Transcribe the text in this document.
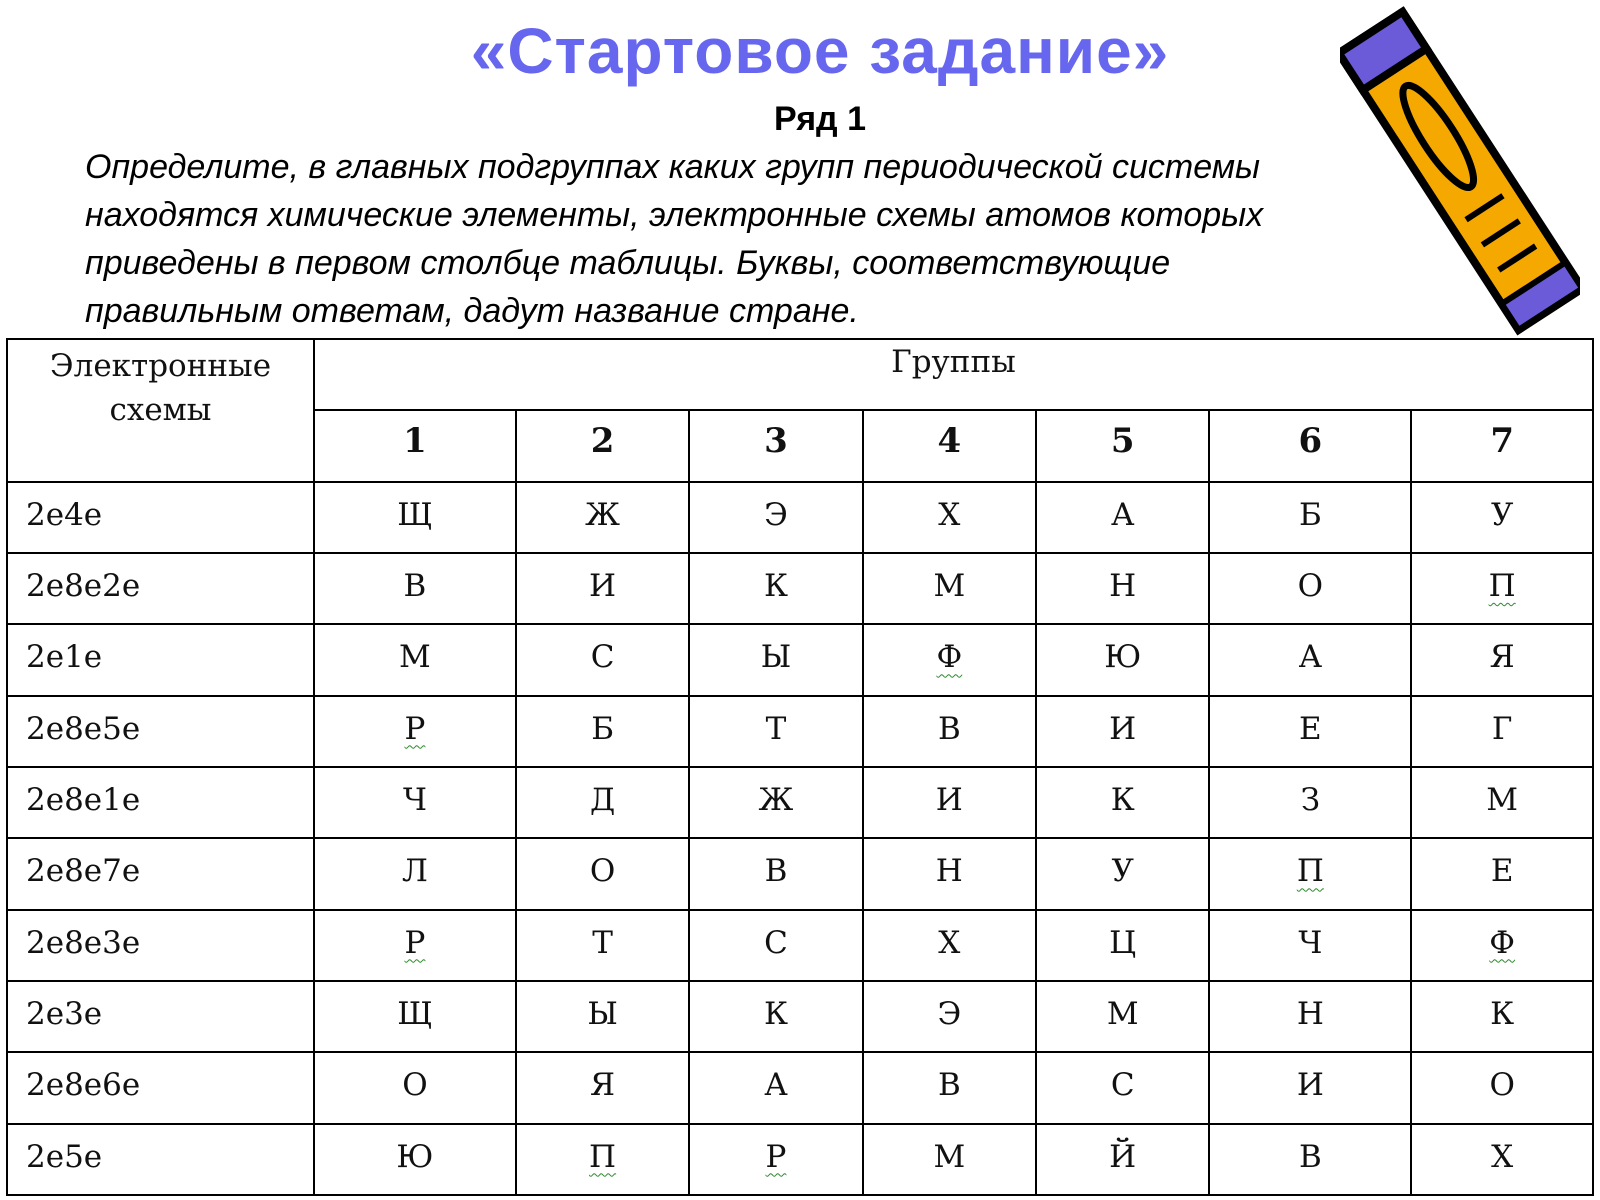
«Стартовое задание»
Ряд 1

Определите, в главных подгруппах каких групп периодической системы
находятся химические элементы, электронные схемы атомов которых
приведены в первом столбце таблицы. Буквы, соответствующие
правильным ответам, дадут название стране.

Электронные
схемы	Группы						
	1	2	3	4	5	6	7
2е4е	Щ	Ж	Э	Х	А	Б	У
2е8е2е	В	И	К	М	Н	О	П
2е1е	М	С	Ы	Ф	Ю	А	Я
2е8е5е	Р	Б	Т	В	И	Е	Г
2е8е1е	Ч	Д	Ж	И	К	З	М
2е8е7е	Л	О	В	Н	У	П	Е
2е8е3е	Р	Т	С	Х	Ц	Ч	Ф
2е3е	Щ	Ы	К	Э	М	Н	К
2е8е6е	О	Я	А	В	С	И	О
2е5е	Ю	П	Р	М	Й	В	Х
